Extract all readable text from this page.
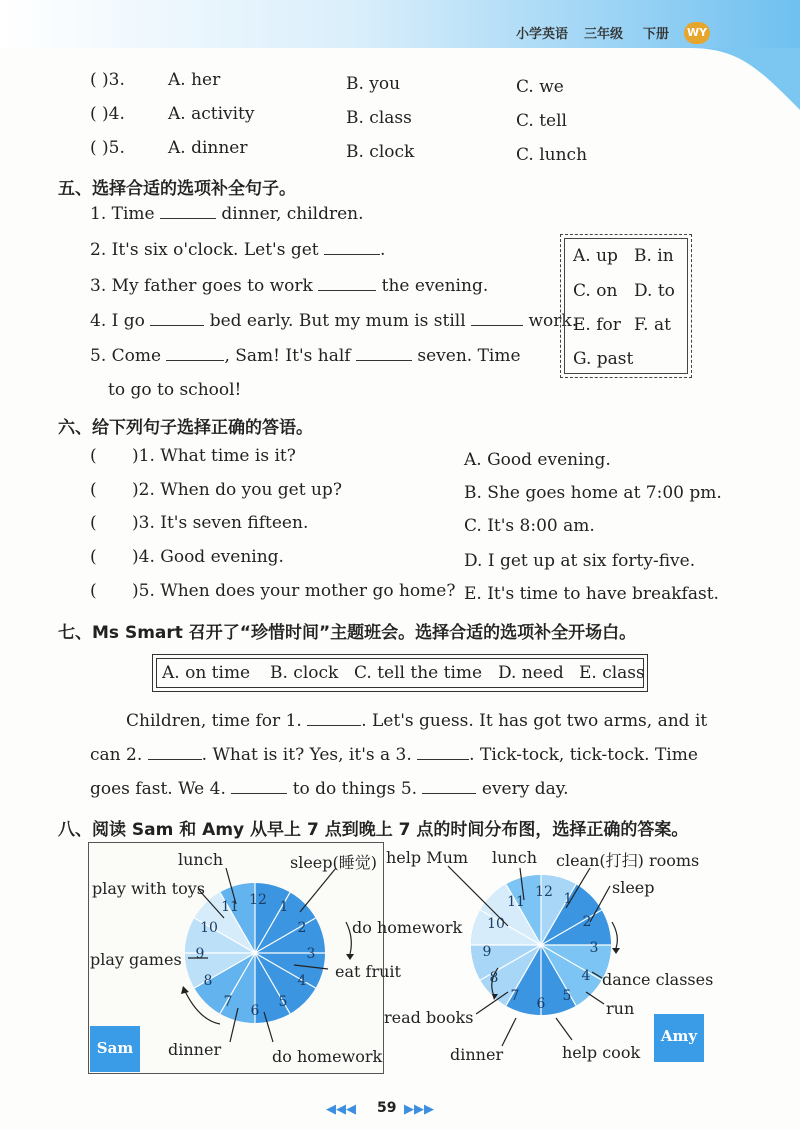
小学英语 三年级 下册 WY
( )3.	A. her	B. you	C. we
( )4.	A. activity	B. class	C. tell
( )5.	A. dinner	B. clock	C. lunch
五、选择合适的选项补全句子。
1. Time	dinner, children.
2. It's six o'clock. Let's get	.
3. My father goes to work	the evening.
4. I go	bed early. But my mum is still	work.
5. Come	, Sam! It's half	seven. Time
to go to school!
A. up B. in
C. on D. to
E. for F. at
G. past
六、给下列句子选择正确的答语。
( )1. What time is it?	A. Good evening.
( )2. When do you get up?	B. She goes home at 7:00 pm.
( )3. It's seven fifteen.	C. It's 8:00 am.
( )4. Good evening.	D. I get up at six forty-five.
( )5. When does your mother go home? E. It's time to have breakfast.
七、Ms Smart 召开了“珍惜时间”主题班会。选择合适的选项补全开场白。
A. on time B. clock C. tell the time D. need E. class
Children, time for 1.	. Let's guess. It has got two arms, and it
can 2.	. What is it? Yes, it's a 3.	. Tick-tock, tick-tock. Time
goes fast. We 4.	to do things 5.	every day.
八、阅读 Sam 和 Amy 从早上 7 点到晚上 7 点的时间分布图，选择正确的答案。
12 1
2
3
4
5
6
7
8
9
10
11
lunch	sleep(睡觉)
play with toys
play games
eat fruit
dinner	do homework
Sam
do homework
12 1
2
3
4
5
6
7
8
9
10
11
help Mum lunch clean(打扫) rooms
sleep
dance classes
run
read books
dinner	help cook
Amy
◀◀◀ 59 ▶▶▶
